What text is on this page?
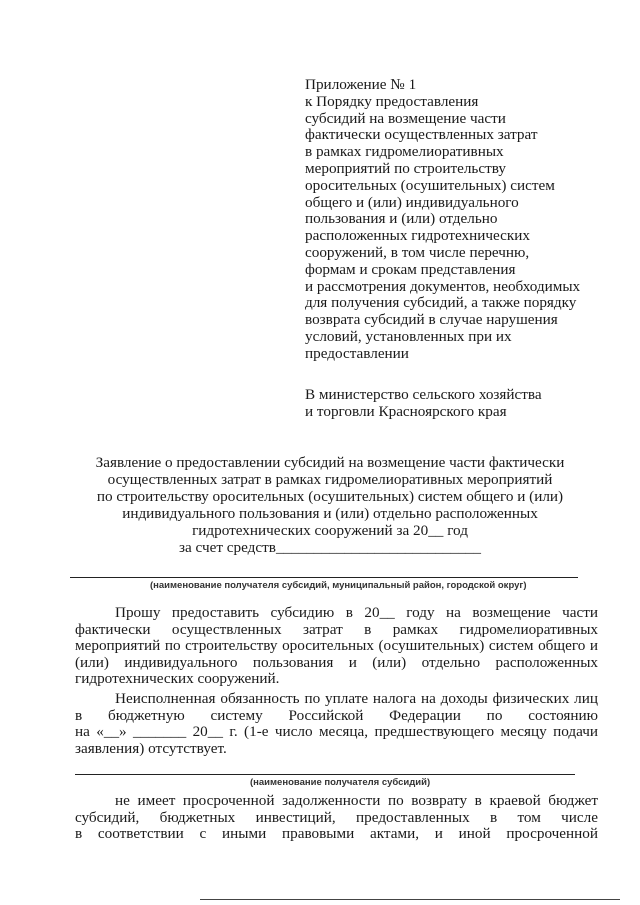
Приложение № 1
к Порядку предоставления
субсидий на возмещение части
фактически осуществленных затрат
в рамках гидромелиоративных
мероприятий по строительству
оросительных (осушительных) систем
общего и (или) индивидуального
пользования и (или) отдельно
расположенных гидротехнических
сооружений, в том числе перечню,
формам и срокам представления
и рассмотрения документов, необходимых
для получения субсидий, а также порядку
возврата субсидий в случае нарушения
условий, установленных при их
предоставлении
В министерство сельского хозяйства
и торговли Красноярского края
Заявление о предоставлении субсидий на возмещение части фактически
осуществленных затрат в рамках гидромелиоративных мероприятий
по строительству оросительных (осушительных) систем общего и (или)
индивидуального пользования и (или) отдельно расположенных
гидротехнических сооружений за 20__ год
за счет средств___________________________
(наименование получателя субсидий, муниципальный район, городской округ)
Прошу предоставить субсидию в 20__ году на возмещение части
фактически осуществленных затрат в рамках гидромелиоративных
мероприятий по строительству оросительных (осушительных) систем общего и
(или) индивидуального пользования и (или) отдельно расположенных
гидротехнических сооружений.
Неисполненная обязанность по уплате налога на доходы физических лиц
в бюджетную систему Российской Федерации по состоянию
на «__» _______ 20__ г. (1-е число месяца, предшествующего месяцу подачи
заявления) отсутствует.
(наименование получателя субсидий)
не имеет просроченной задолженности по возврату в краевой бюджет
субсидий, бюджетных инвестиций, предоставленных в том числе
в соответствии с иными правовыми актами, и иной просроченной
